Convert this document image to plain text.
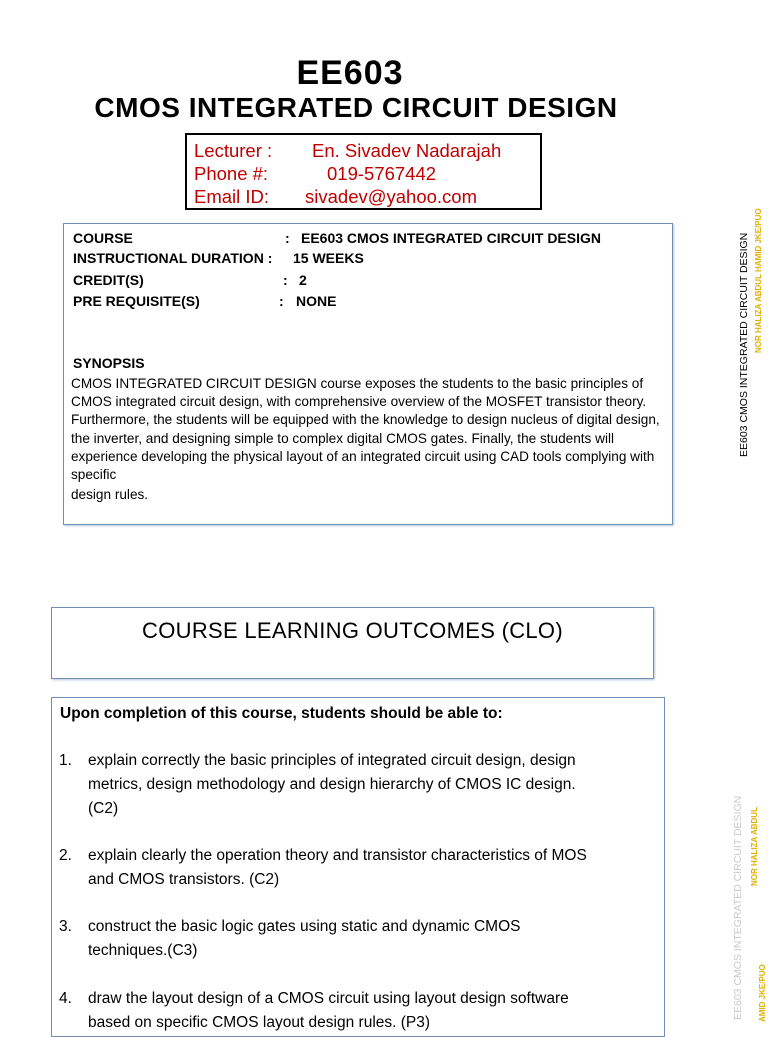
EE603
CMOS INTEGRATED CIRCUIT DESIGN
Lecturer : En. Sivadev Nadarajah
Phone #:	019-5767442
Email ID: sivadev@yahoo.com
COURSE	: EE603 CMOS INTEGRATED CIRCUIT DESIGN
INSTRUCTIONAL DURATION : 15 WEEKS
CREDIT(S)	: 2
PRE REQUISITE(S)	: NONE
SYNOPSIS

CMOS INTEGRATED CIRCUIT DESIGN course exposes the students to the basic principles of CMOS integrated circuit design, with comprehensive overview of the MOSFET transistor theory. Furthermore, the students will be equipped with the knowledge to design nucleus of digital design, the inverter, and designing simple to complex digital CMOS gates. Finally, the students will experience developing the physical layout of an integrated circuit using CAD tools complying with specific

design rules.
COURSE LEARNING OUTCOMES (CLO)
Upon completion of this course, students should be able to:
1. explain correctly the basic principles of integrated circuit design, design metrics, design methodology and design hierarchy of CMOS IC design. (C2)
2. explain clearly the operation theory and transistor characteristics of MOS and CMOS transistors. (C2)
3. construct the basic logic gates using static and dynamic CMOS techniques.(C3)
4. draw the layout design of a CMOS circuit using layout design software based on specific CMOS layout design rules. (P3)
EE603 CMOS INTEGRATED CIRCUIT DESIGN NOR HALIZA ABDUL HAMID JKE/PUO
EE603 CMOS INTEGRATED CIRCUIT DESIGN NOR HALIZA ABDUL
AMID JKE/PUO
